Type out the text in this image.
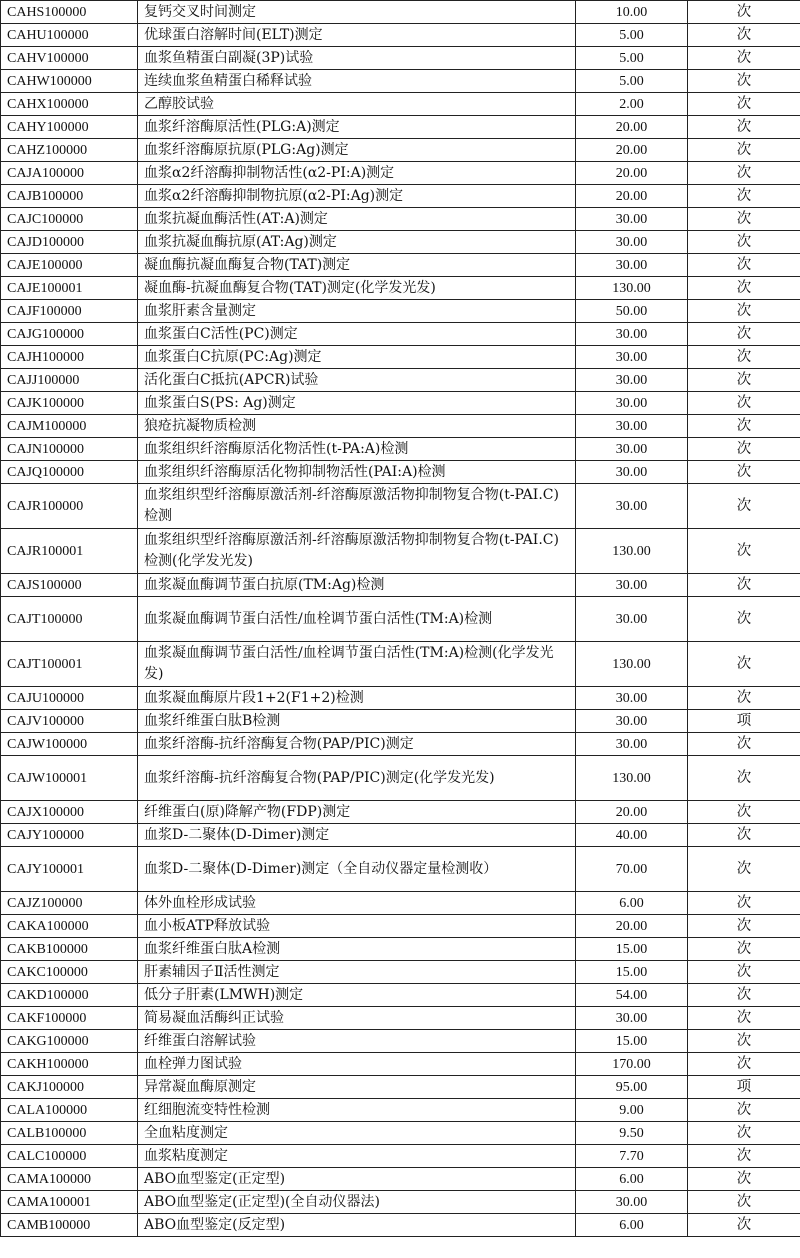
CAHS100000	复钙交叉时间测定	10.00	次
CAHU100000	优球蛋白溶解时间(ELT)测定	5.00	次
CAHV100000	血浆鱼精蛋白副凝(3P)试验	5.00	次
CAHW100000	连续血浆鱼精蛋白稀释试验	5.00	次
CAHX100000	乙醇胶试验	2.00	次
CAHY100000	血浆纤溶酶原活性(PLG:A)测定	20.00	次
CAHZ100000	血浆纤溶酶原抗原(PLG:Ag)测定	20.00	次
CAJA100000	血浆α2纤溶酶抑制物活性(α2-PI:A)测定	20.00	次
CAJB100000	血浆α2纤溶酶抑制物抗原(α2-PI:Ag)测定	20.00	次
CAJC100000	血浆抗凝血酶活性(AT:A)测定	30.00	次
CAJD100000	血浆抗凝血酶抗原(AT:Ag)测定	30.00	次
CAJE100000	凝血酶抗凝血酶复合物(TAT)测定	30.00	次
CAJE100001	凝血酶-抗凝血酶复合物(TAT)测定(化学发光发)	130.00	次
CAJF100000	血浆肝素含量测定	50.00	次
CAJG100000	血浆蛋白C活性(PC)测定	30.00	次
CAJH100000	血浆蛋白C抗原(PC:Ag)测定	30.00	次
CAJJ100000	活化蛋白C抵抗(APCR)试验	30.00	次
CAJK100000	血浆蛋白S(PS: Ag)测定	30.00	次
CAJM100000	狼疮抗凝物质检测	30.00	次
CAJN100000	血浆组织纤溶酶原活化物活性(t-PA:A)检测	30.00	次
CAJQ100000	血浆组织纤溶酶原活化物抑制物活性(PAI:A)检测	30.00	次
CAJR100000	血浆组织型纤溶酶原激活剂-纤溶酶原激活物抑制物复合物(t-PAI.C)检测	30.00	次
CAJR100001	血浆组织型纤溶酶原激活剂-纤溶酶原激活物抑制物复合物(t-PAI.C)检测(化学发光发)	130.00	次
CAJS100000	血浆凝血酶调节蛋白抗原(TM:Ag)检测	30.00	次
CAJT100000	血浆凝血酶调节蛋白活性/血栓调节蛋白活性(TM:A)检测	30.00	次
CAJT100001	血浆凝血酶调节蛋白活性/血栓调节蛋白活性(TM:A)检测(化学发光发)	130.00	次
CAJU100000	血浆凝血酶原片段1+2(F1+2)检测	30.00	次
CAJV100000	血浆纤维蛋白肽B检测	30.00	项
CAJW100000	血浆纤溶酶-抗纤溶酶复合物(PAP/PIC)测定	30.00	次
CAJW100001	血浆纤溶酶-抗纤溶酶复合物(PAP/PIC)测定(化学发光发)	130.00	次
CAJX100000	纤维蛋白(原)降解产物(FDP)测定	20.00	次
CAJY100000	血浆D-二聚体(D-Dimer)测定	40.00	次
CAJY100001	血浆D-二聚体(D-Dimer)测定（全自动仪器定量检测收）	70.00	次
CAJZ100000	体外血栓形成试验	6.00	次
CAKA100000	血小板ATP释放试验	20.00	次
CAKB100000	血浆纤维蛋白肽A检测	15.00	次
CAKC100000	肝素辅因子Ⅱ活性测定	15.00	次
CAKD100000	低分子肝素(LMWH)测定	54.00	次
CAKF100000	简易凝血活酶纠正试验	30.00	次
CAKG100000	纤维蛋白溶解试验	15.00	次
CAKH100000	血栓弹力图试验	170.00	次
CAKJ100000	异常凝血酶原测定	95.00	项
CALA100000	红细胞流变特性检测	9.00	次
CALB100000	全血粘度测定	9.50	次
CALC100000	血浆粘度测定	7.70	次
CAMA100000	ABO血型鉴定(正定型)	6.00	次
CAMA100001	ABO血型鉴定(正定型)(全自动仪器法)	30.00	次
CAMB100000	ABO血型鉴定(反定型)	6.00	次
